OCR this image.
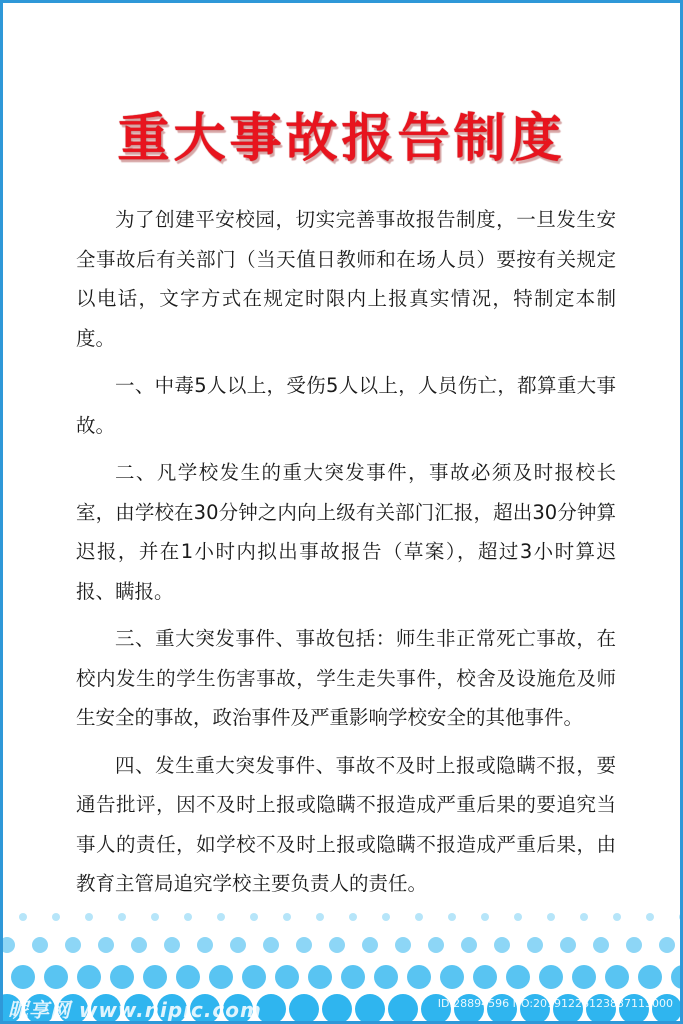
重大事故报告制度

为了创建平安校园，切实完善事故报告制度，一旦发生安全事故后有关部门（当天值日教师和在场人员）要按有关规定以电话，文字方式在规定时限内上报真实情况，特制定本制度。

一、中毒5人以上，受伤5人以上，人员伤亡，都算重大事故。

二、凡学校发生的重大突发事件，事故必须及时报校长室，由学校在30分钟之内向上级有关部门汇报，超出30分钟算迟报，并在1小时内拟出事故报告（草案），超过3小时算迟报、瞒报。

三、重大突发事件、事故包括：师生非正常死亡事故，在校内发生的学生伤害事故，学生走失事件，校舍及设施危及师生安全的事故，政治事件及严重影响学校安全的其他事件。

四、发生重大突发事件、事故不及时上报或隐瞒不报，要通告批评，因不及时上报或隐瞒不报造成严重后果的要追究当事人的责任，如学校不及时上报或隐瞒不报造成严重后果，由教育主管局追究学校主要负责人的责任。

昵享网 www.nipic.com	ID:28894596 NO:20191226123837113000
